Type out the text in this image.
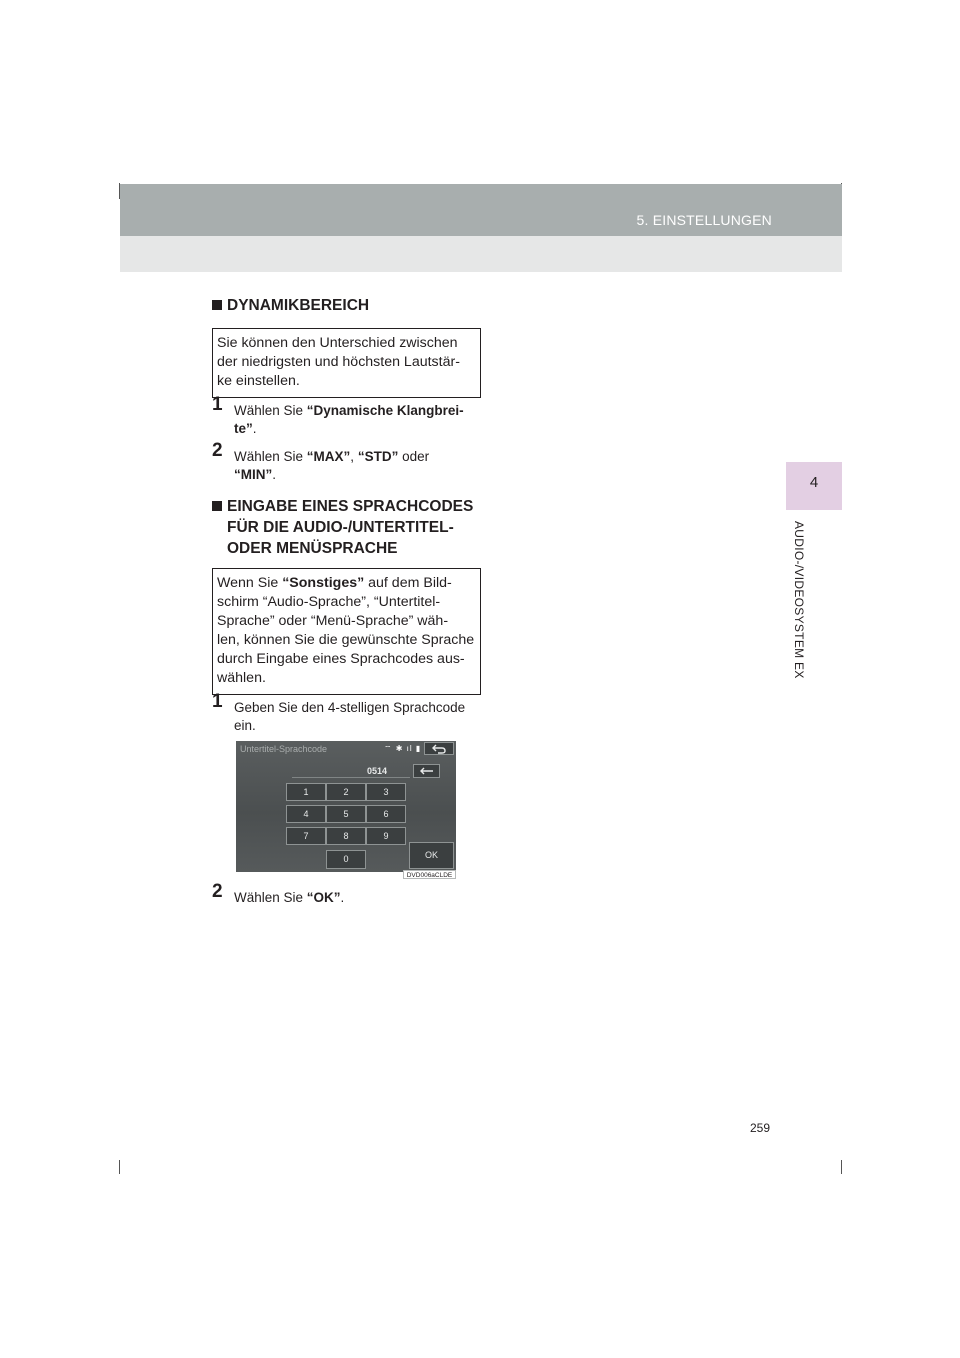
5. EINSTELLUNGEN
4
AUDIO-/VIDEOSYSTEM EX
DYNAMIKBEREICH
Sie können den Unterschied zwischen
der niedrigsten und höchsten Lautstär-
ke einstellen.
1 Wählen Sie “Dynamische Klangbrei-
te”.
2 Wählen Sie “MAX”, “STD” oder
“MIN”.
EINGABE EINES SPRACHCODES
FÜR DIE AUDIO-/UNTERTITEL-
ODER MENÜSPRACHE
Wenn Sie “Sonstiges” auf dem Bild-
schirm “Audio-Sprache”, “Untertitel-
Sprache” oder “Menü-Sprache” wäh-
len, können Sie die gewünschte Sprache
durch Eingabe eines Sprachcodes aus-
wählen.
1 Geben Sie den 4-stelligen Sprachcode
ein.
Untertitel-Sprachcode	⌔ ✱ ıl ▮
0514
1	2	3
4	5	6
7	8	9
0	OK
DVD006aCLDE
2 Wählen Sie “OK”.
259
